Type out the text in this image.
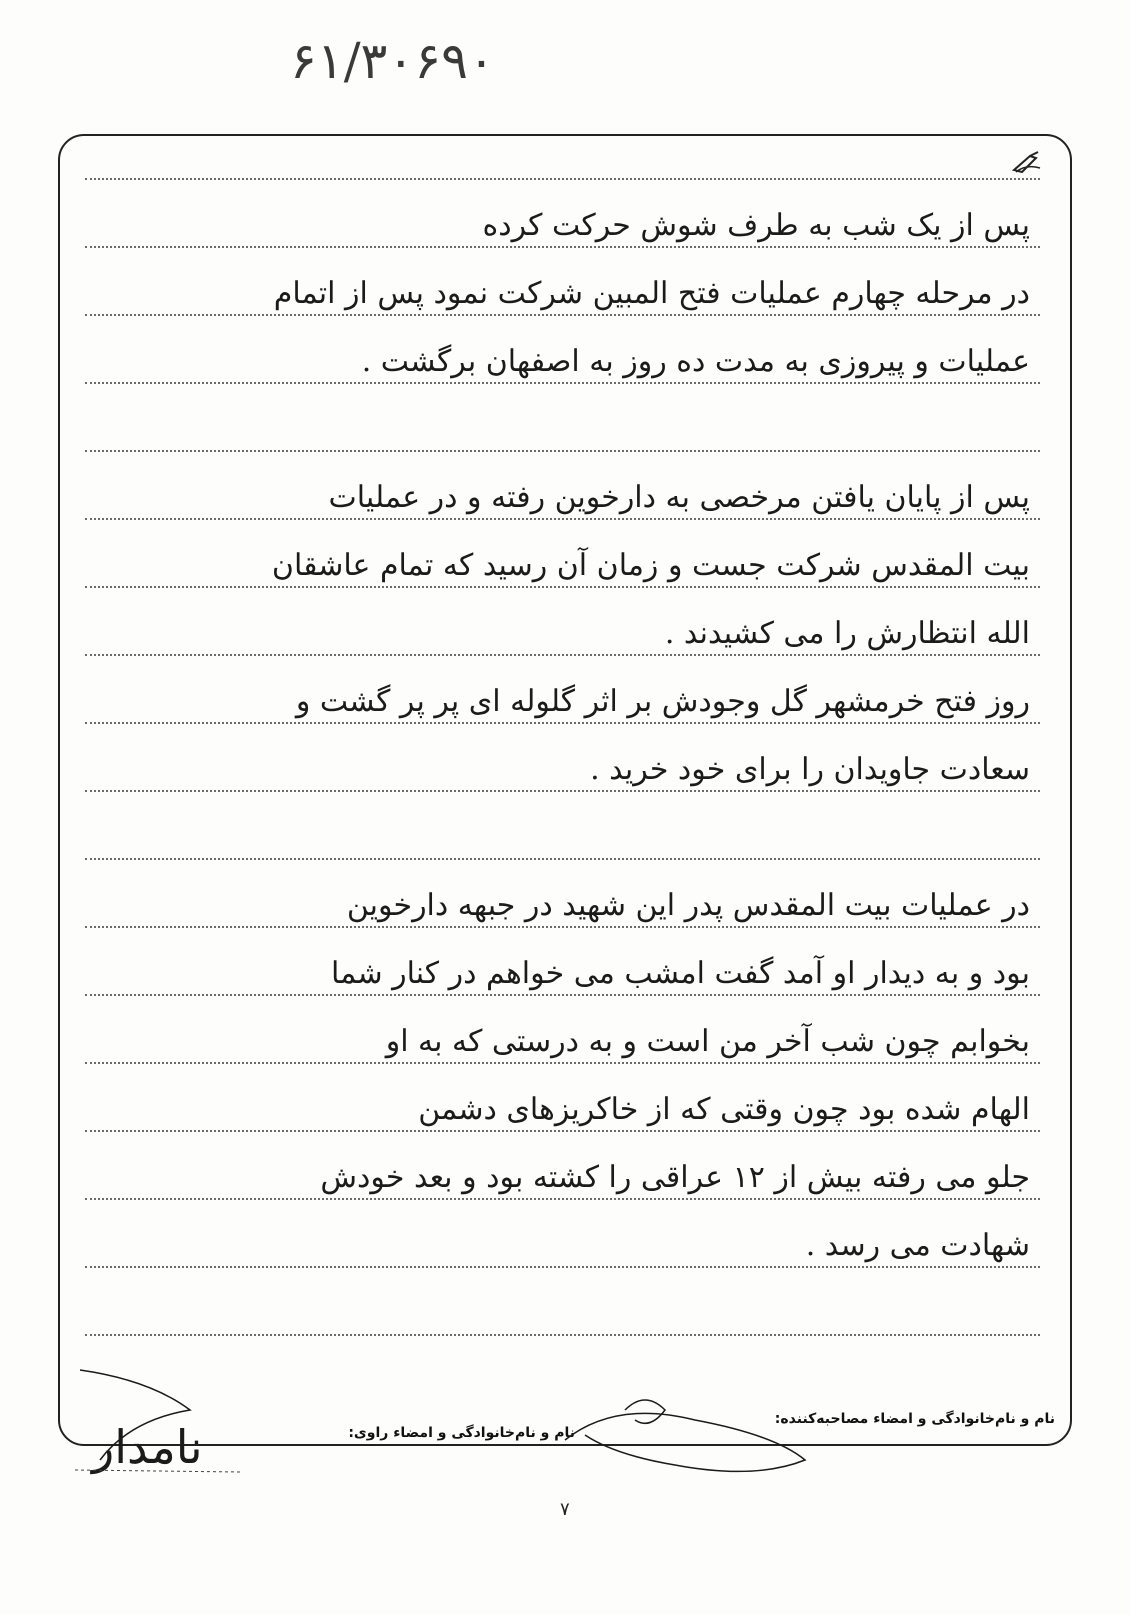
۶۱/۳۰۶۹۰
پس از یک شب به طرف شوش حرکت کرده
در مرحله چهارم عملیات فتح المبین شرکت نمود پس از اتمام
عملیات و پیروزی به مدت ده روز به اصفهان برگشت .
پس از پایان یافتن مرخصی به دارخوین رفته و در عملیات
بیت المقدس شرکت جست و زمان آن رسید که تمام عاشقان
الله انتظارش را می کشیدند .
روز فتح خرمشهر گل وجودش بر اثر گلوله ای پر پر گشت و
سعادت جاویدان را برای خود خرید .
در عملیات بیت المقدس پدر این شهید در جبهه دارخوین
بود و به دیدار او آمد گفت امشب می خواهم در کنار شما
بخوابم چون شب آخر من است و به درستی که به او
الهام شده بود چون وقتی که از خاکریزهای دشمن
جلو می رفته بیش از ۱۲ عراقی را کشته بود و بعد خودش
شهادت می رسد .
نام و نام‌خانوادگی و امضاء مصاحبه‌کننده:
نام و نام‌خانوادگی و امضاء راوی:
نامدار
۷
